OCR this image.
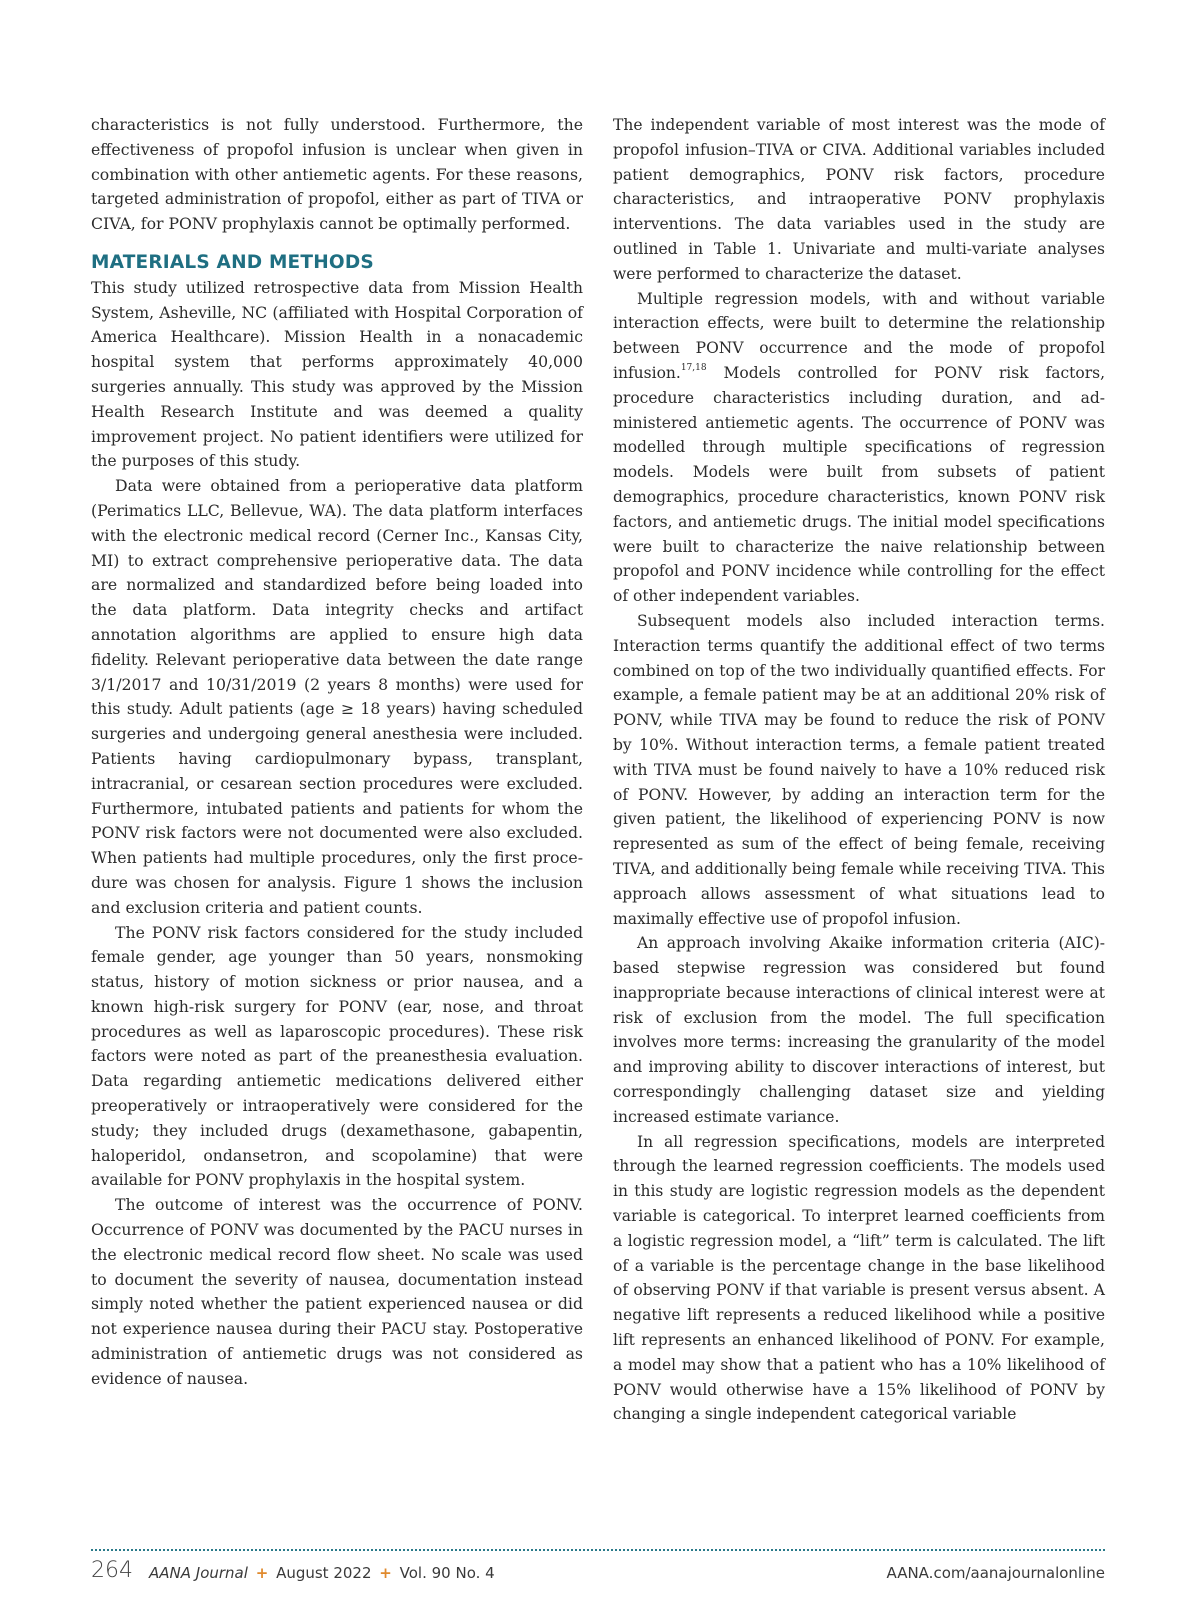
characteristics is not fully understood. Furthermore, the effectiveness of propofol infusion is unclear when given in combination with other antiemetic agents. For these reasons, targeted administration of propofol, either as part of TIVA or CIVA, for PONV prophylaxis cannot be optimally performed.

MATERIALS AND METHODS

This study utilized retrospective data from Mission Health System, Asheville, NC (affiliated with Hospital Corporation of America Healthcare). Mission Health in a nonacademic hospital system that performs approximately 40,000 surgeries annually. This study was approved by the Mission Health Research Institute and was deemed a quality improvement project. No patient identifiers were utilized for the purposes of this study.

Data were obtained from a perioperative data platform (Perimatics LLC, Bellevue, WA). The data platform interfaces with the electronic medical record (Cerner Inc., Kansas City, MI) to extract comprehensive perioperative data. The data are normalized and standardized before being loaded into the data platform. Data integrity checks and artifact annotation algorithms are applied to ensure high data fidelity. Relevant perioperative data between the date range 3/1/2017 and 10/31/2019 (2 years 8 months) were used for this study. Adult patients (age ≥ 18 years) having scheduled surgeries and undergoing general anesthesia were included. Patients having cardiopulmonary bypass, transplant, intracranial, or cesarean section procedures were excluded. Furthermore, intubated patients and patients for whom the PONV risk factors were not documented were also excluded. When patients had multiple procedures, only the first procedure was chosen for analysis. Figure 1 shows the inclusion and exclusion criteria and patient counts.

The PONV risk factors considered for the study included female gender, age younger than 50 years, nonsmoking status, history of motion sickness or prior nausea, and a known high-risk surgery for PONV (ear, nose, and throat procedures as well as laparoscopic procedures). These risk factors were noted as part of the preanesthesia evaluation. Data regarding antiemetic medications delivered either preoperatively or intraoperatively were considered for the study; they included drugs (dexamethasone, gabapentin, haloperidol, ondansetron, and scopolamine) that were available for PONV prophylaxis in the hospital system.

The outcome of interest was the occurrence of PONV. Occurrence of PONV was documented by the PACU nurses in the electronic medical record flow sheet. No scale was used to document the severity of nausea, documentation instead simply noted whether the patient experienced nausea or did not experience nausea during their PACU stay. Postoperative administration of antiemetic drugs was not considered as evidence of nausea.

The independent variable of most interest was the mode of propofol infusion–TIVA or CIVA. Additional variables included patient demographics, PONV risk factors, procedure characteristics, and intraoperative PONV prophylaxis interventions. The data variables used in the study are outlined in Table 1. Univariate and multi-variate analyses were performed to characterize the dataset.

Multiple regression models, with and without variable interaction effects, were built to determine the relationship between PONV occurrence and the mode of propofol infusion.$^{17,18}$ Models controlled for PONV risk factors, procedure characteristics including duration, and administered antiemetic agents. The occurrence of PONV was modelled through multiple specifications of regression models. Models were built from subsets of patient demographics, procedure characteristics, known PONV risk factors, and antiemetic drugs. The initial model specifications were built to characterize the naive relationship between propofol and PONV incidence while controlling for the effect of other independent variables.

Subsequent models also included interaction terms. Interaction terms quantify the additional effect of two terms combined on top of the two individually quantified effects. For example, a female patient may be at an additional 20% risk of PONV, while TIVA may be found to reduce the risk of PONV by 10%. Without interaction terms, a female patient treated with TIVA must be found naively to have a 10% reduced risk of PONV. However, by adding an interaction term for the given patient, the likelihood of experiencing PONV is now represented as sum of the effect of being female, receiving TIVA, and additionally being female while receiving TIVA. This approach allows assessment of what situations lead to maximally effective use of propofol infusion.

An approach involving Akaike information criteria (AIC)-based stepwise regression was considered but found inappropriate because interactions of clinical interest were at risk of exclusion from the model. The full specification involves more terms: increasing the granularity of the model and improving ability to discover interactions of interest, but correspondingly challenging dataset size and yielding increased estimate variance.

In all regression specifications, models are interpreted through the learned regression coefficients. The models used in this study are logistic regression models as the dependent variable is categorical. To interpret learned coefficients from a logistic regression model, a “lift” term is calculated. The lift of a variable is the percentage change in the base likelihood of observing PONV if that variable is present versus absent. A negative lift represents a reduced likelihood while a positive lift represents an enhanced likelihood of PONV. For example, a model may show that a patient who has a 10% likelihood of PONV would otherwise have a 15% likelihood of PONV by changing a single independent categorical variable

264 AANA Journal + August 2022 + Vol. 90 No. 4	AANA.com/aanajournalonline
